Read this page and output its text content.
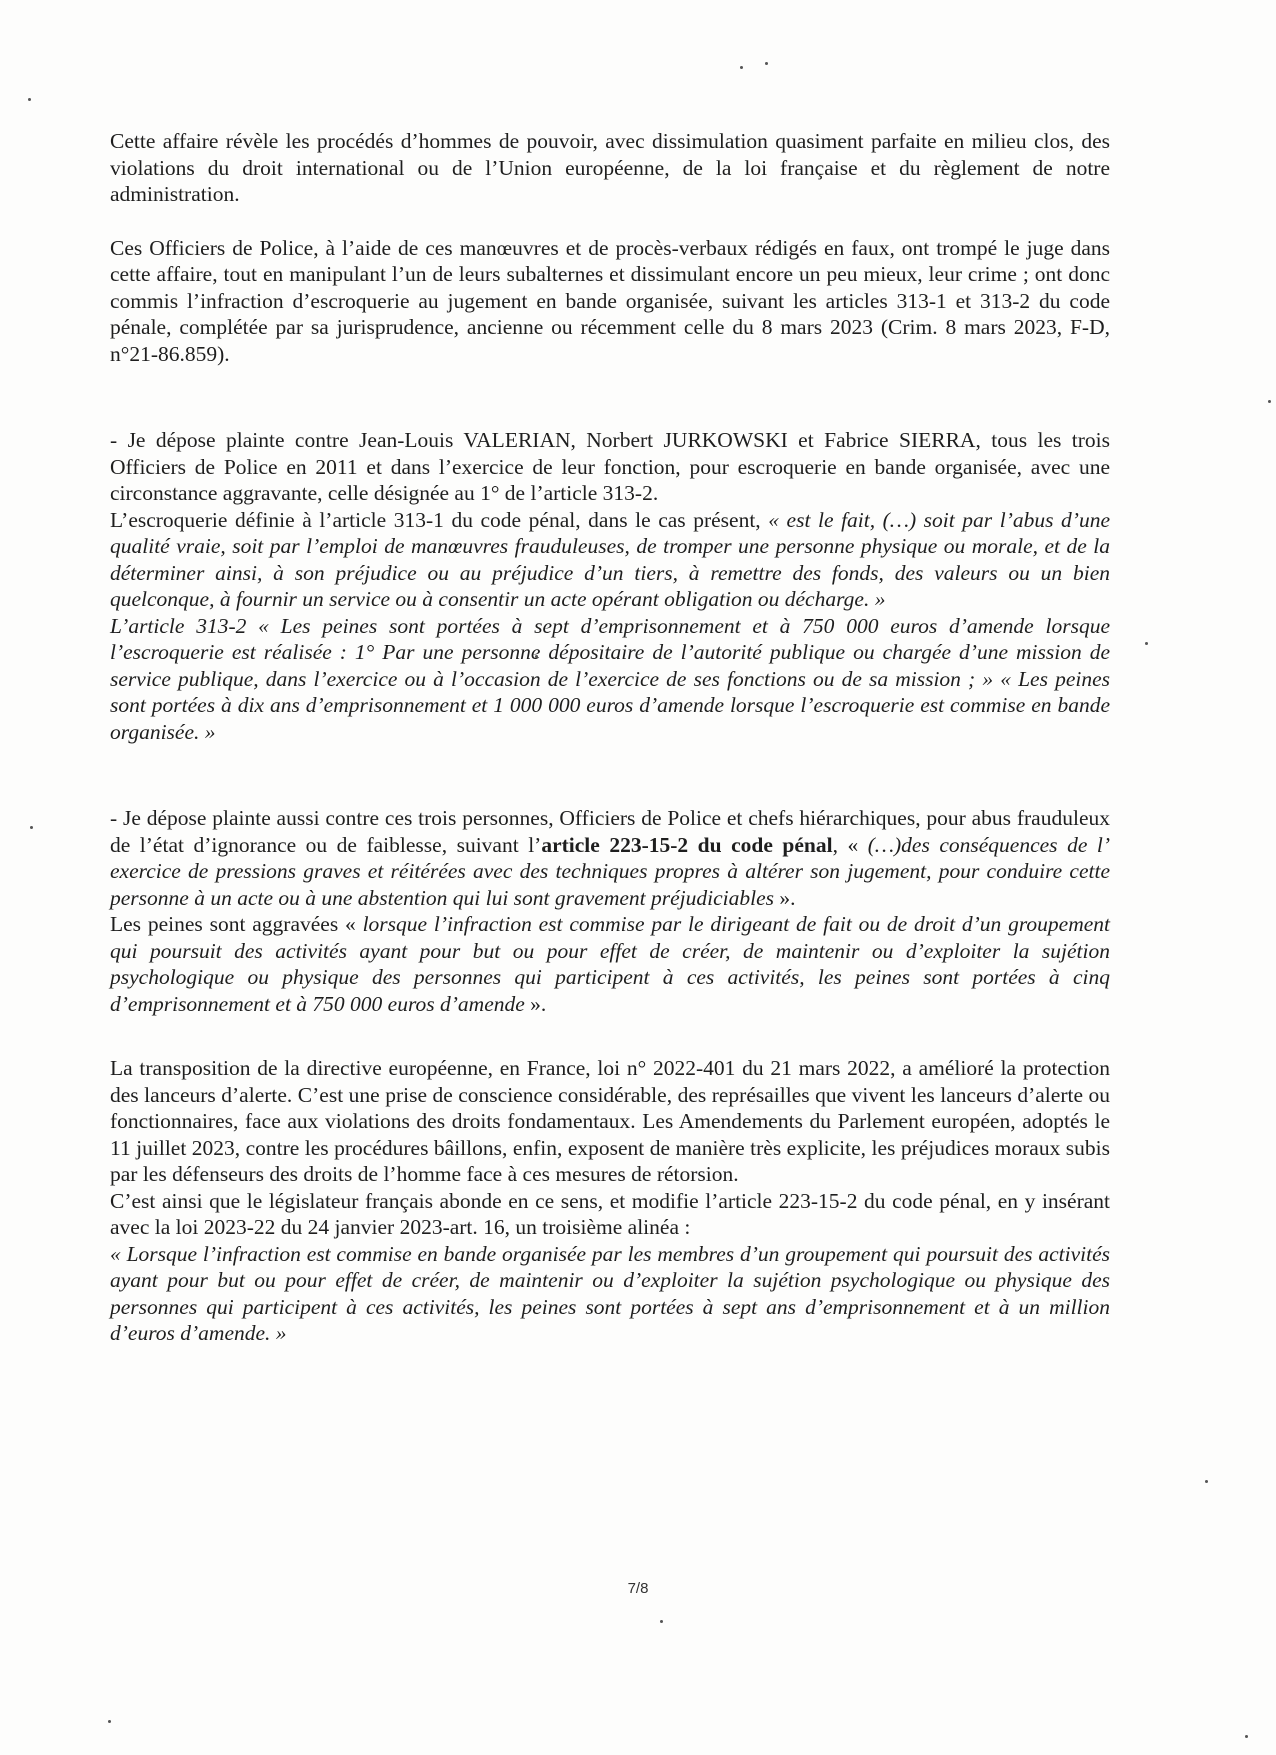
Cette affaire révèle les procédés d’hommes de pouvoir, avec dissimulation quasiment parfaite en milieu clos, des violations du droit international ou de l’Union européenne, de la loi française et du règlement de notre administration.

Ces Officiers de Police, à l’aide de ces manœuvres et de procès-verbaux rédigés en faux, ont trompé le juge dans cette affaire, tout en manipulant l’un de leurs subalternes et dissimulant encore un peu mieux, leur crime ; ont donc commis l’infraction d’escroquerie au jugement en bande organisée, suivant les articles 313-1 et 313-2 du code pénale, complétée par sa jurisprudence, ancienne ou récemment celle du 8 mars 2023 (Crim. 8 mars 2023, F-D, n°21-86.859).

- Je dépose plainte contre Jean-Louis VALERIAN, Norbert JURKOWSKI et Fabrice SIERRA, tous les trois Officiers de Police en 2011 et dans l’exercice de leur fonction, pour escroquerie en bande organisée, avec une circonstance aggravante, celle désignée au 1° de l’article 313-2.

L’escroquerie définie à l’article 313-1 du code pénal, dans le cas présent, « est le fait, (…) soit par l’abus d’une qualité vraie, soit par l’emploi de manœuvres frauduleuses, de tromper une personne physique ou morale, et de la déterminer ainsi, à son préjudice ou au préjudice d’un tiers, à remettre des fonds, des valeurs ou un bien quelconque, à fournir un service ou à consentir un acte opérant obligation ou décharge. »

L’article 313-2 « Les peines sont portées à sept d’emprisonnement et à 750 000 euros d’amende lorsque l’escroquerie est réalisée : 1° Par une personne dépositaire de l’autorité publique ou chargée d’une mission de service publique, dans l’exercice ou à l’occasion de l’exercice de ses fonctions ou de sa mission ; » « Les peines sont portées à dix ans d’emprisonnement et 1 000 000 euros d’amende lorsque l’escroquerie est commise en bande organisée. »

- Je dépose plainte aussi contre ces trois personnes, Officiers de Police et chefs hiérarchiques, pour abus frauduleux de l’état d’ignorance ou de faiblesse, suivant l’article 223-15-2 du code pénal, « (…)des conséquences de l’ exercice de pressions graves et réitérées avec des techniques propres à altérer son jugement, pour conduire cette personne à un acte ou à une abstention qui lui sont gravement préjudiciables ».

Les peines sont aggravées « lorsque l’infraction est commise par le dirigeant de fait ou de droit d’un groupement qui poursuit des activités ayant pour but ou pour effet de créer, de maintenir ou d’exploiter la sujétion psychologique ou physique des personnes qui participent à ces activités, les peines sont portées à cinq d’emprisonnement et à 750 000 euros d’amende ».

La transposition de la directive européenne, en France, loi n° 2022-401 du 21 mars 2022, a amélioré la protection des lanceurs d’alerte. C’est une prise de conscience considérable, des représailles que vivent les lanceurs d’alerte ou fonctionnaires, face aux violations des droits fondamentaux. Les Amendements du Parlement européen, adoptés le 11 juillet 2023, contre les procédures bâillons, enfin, exposent de manière très explicite, les préjudices moraux subis par les défenseurs des droits de l’homme face à ces mesures de rétorsion.

C’est ainsi que le législateur français abonde en ce sens, et modifie l’article 223-15-2 du code pénal, en y insérant avec la loi 2023-22 du 24 janvier 2023-art. 16, un troisième alinéa :

« Lorsque l’infraction est commise en bande organisée par les membres d’un groupement qui poursuit des activités ayant pour but ou pour effet de créer, de maintenir ou d’exploiter la sujétion psychologique ou physique des personnes qui participent à ces activités, les peines sont portées à sept ans d’emprisonnement et à un million d’euros d’amende. »

7/8
